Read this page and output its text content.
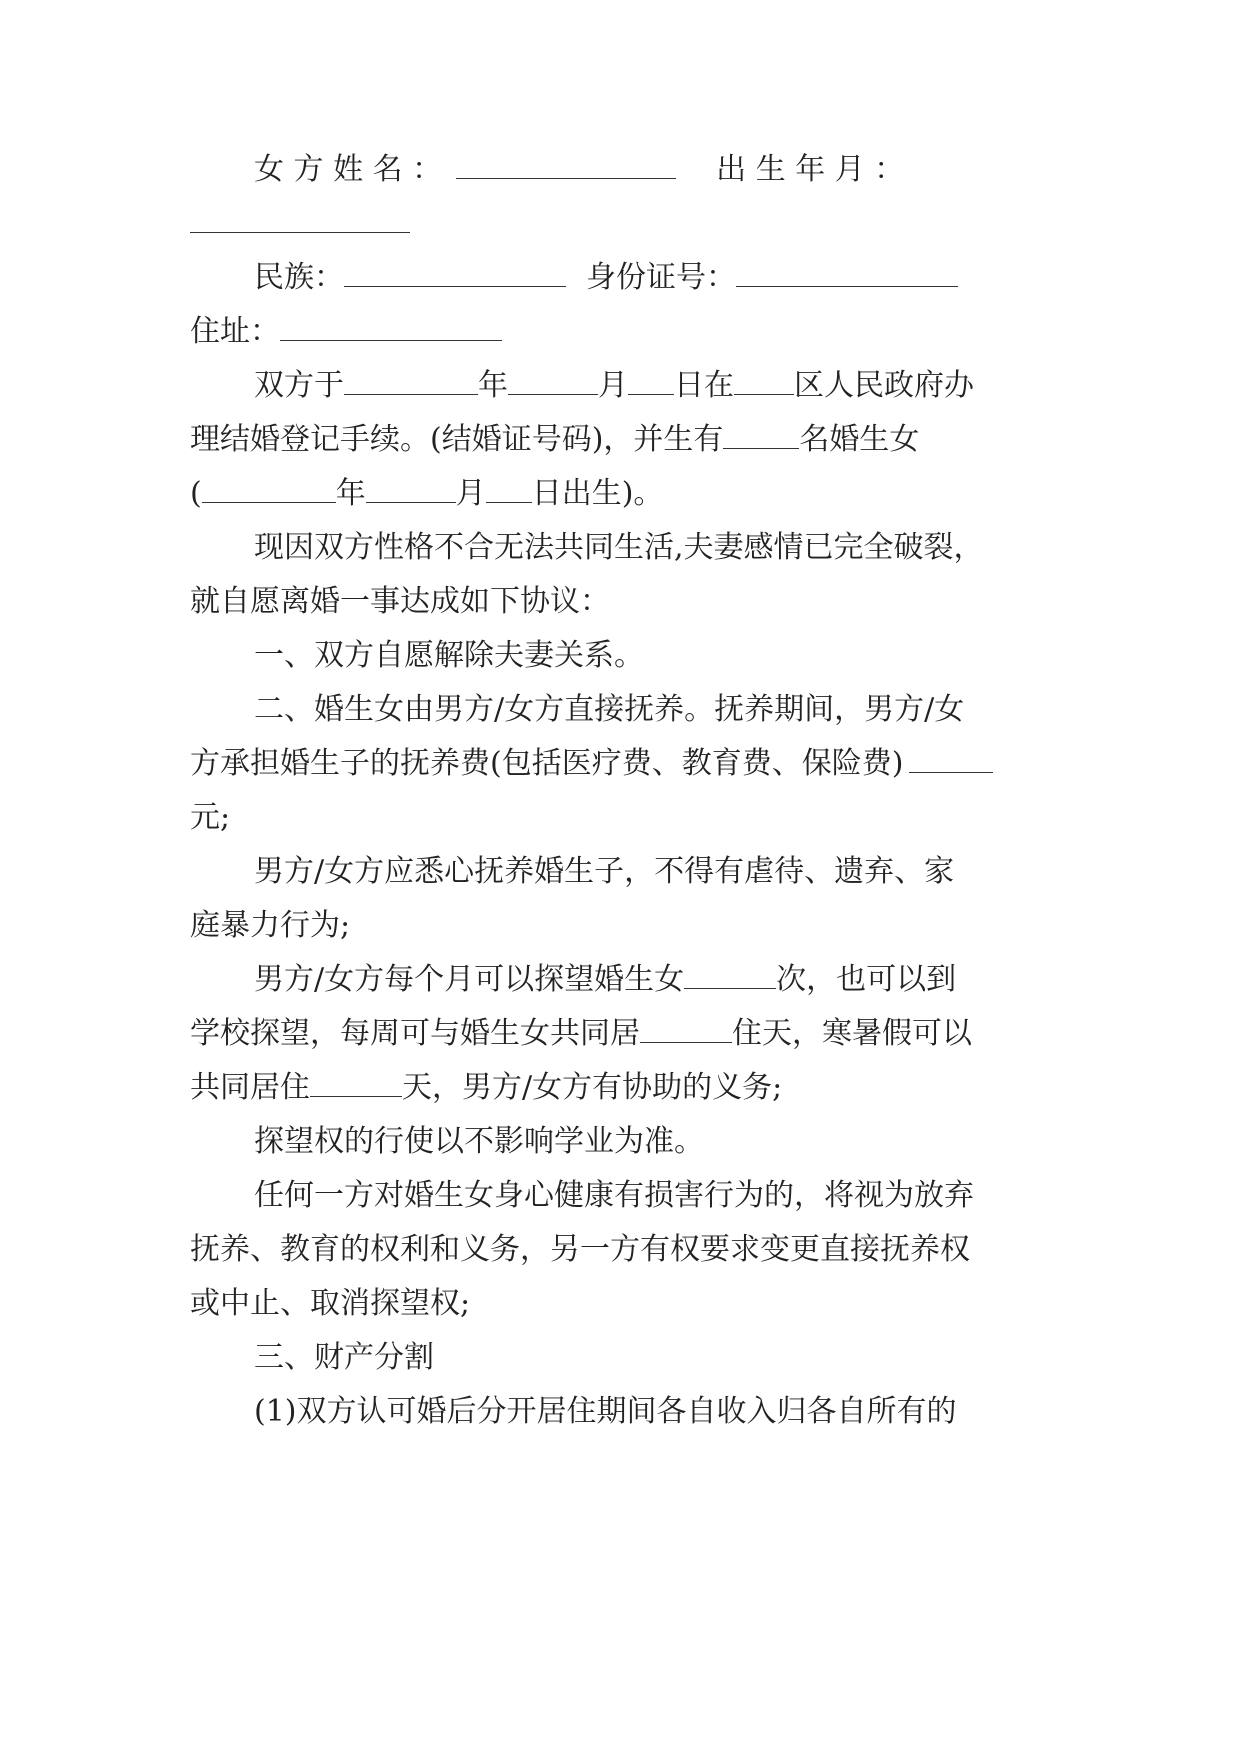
女 方 姓 名 ：	出 生 年 月 ：
民族：	身份证号：
住址：
双方于	年	月 日在 区人民政府办
理结婚登记手续。(结婚证号码)，并生有	名婚生女
(	年	月 日出生)。
现因双方性格不合无法共同生活,夫妻感情已完全破裂，
就自愿离婚一事达成如下协议：
一、双方自愿解除夫妻关系。
二、婚生女由男方/女方直接抚养。抚养期间，男方/女
方承担婚生子的抚养费(包括医疗费、教育费、保险费)
元;
男方/女方应悉心抚养婚生子，不得有虐待、遗弃、家
庭暴力行为;
男方/女方每个月可以探望婚生女	次，也可以到
学校探望，每周可与婚生女共同居	住天，寒暑假可以
共同居住	天，男方/女方有协助的义务;
探望权的行使以不影响学业为准。
任何一方对婚生女身心健康有损害行为的，将视为放弃
抚养、教育的权利和义务，另一方有权要求变更直接抚养权
或中止、取消探望权;
三、财产分割
(1)双方认可婚后分开居住期间各自收入归各自所有的
